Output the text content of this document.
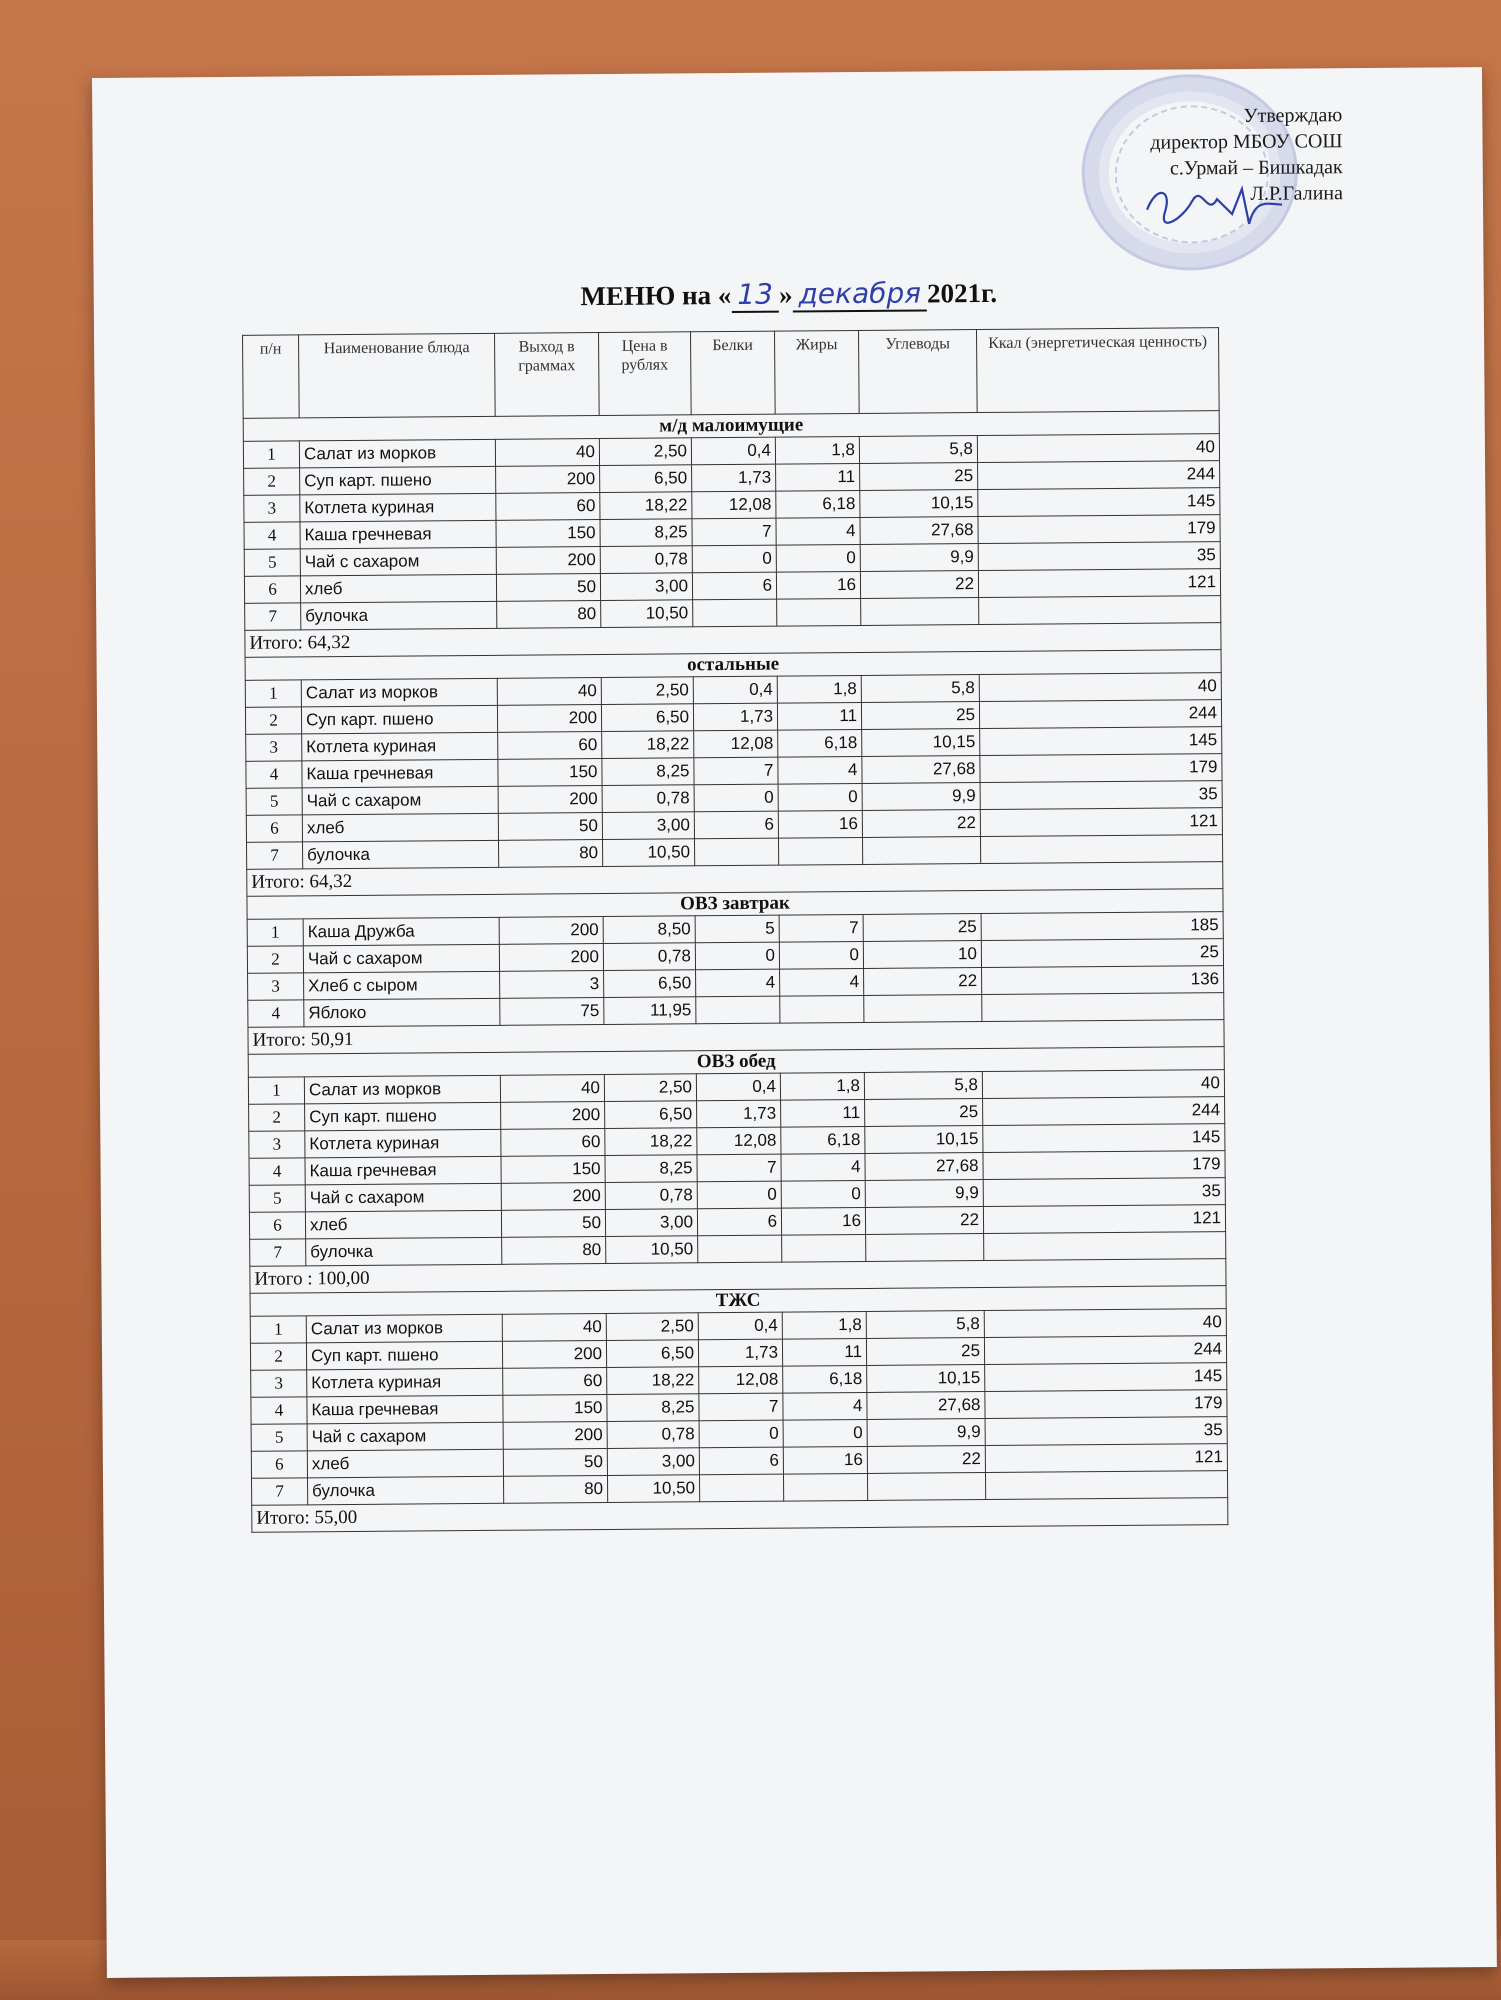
Утверждаю
директор МБОУ СОШ
с.Урмай – Бишкадак
Л.Р.Галина
МЕНЮ на « 13 » декабря 2021г.
п/н	Наименование блюда	Выход в граммах	Цена в рублях	Белки	Жиры	Углеводы	Ккал (энергетическая ценность)
м/д малоимущие							
1	Салат из морков	40	2,50	0,4	1,8	5,8	40
2	Суп карт. пшено	200	6,50	1,73	11	25	244
3	Котлета куриная	60	18,22	12,08	6,18	10,15	145
4	Каша гречневая	150	8,25	7	4	27,68	179
5	Чай с сахаром	200	0,78	0	0	9,9	35
6	хлеб	50	3,00	6	16	22	121
7	булочка	80	10,50				
Итого: 64,32							
остальные							
1	Салат из морков	40	2,50	0,4	1,8	5,8	40
2	Суп карт. пшено	200	6,50	1,73	11	25	244
3	Котлета куриная	60	18,22	12,08	6,18	10,15	145
4	Каша гречневая	150	8,25	7	4	27,68	179
5	Чай с сахаром	200	0,78	0	0	9,9	35
6	хлеб	50	3,00	6	16	22	121
7	булочка	80	10,50				
Итого: 64,32							
ОВЗ завтрак							
1	Каша Дружба	200	8,50	5	7	25	185
2	Чай с сахаром	200	0,78	0	0	10	25
3	Хлеб с сыром	3	6,50	4	4	22	136
4	Яблоко	75	11,95				
Итого: 50,91							
ОВЗ обед							
1	Салат из морков	40	2,50	0,4	1,8	5,8	40
2	Суп карт. пшено	200	6,50	1,73	11	25	244
3	Котлета куриная	60	18,22	12,08	6,18	10,15	145
4	Каша гречневая	150	8,25	7	4	27,68	179
5	Чай с сахаром	200	0,78	0	0	9,9	35
6	хлеб	50	3,00	6	16	22	121
7	булочка	80	10,50				
Итого : 100,00							
ТЖС							
1	Салат из морков	40	2,50	0,4	1,8	5,8	40
2	Суп карт. пшено	200	6,50	1,73	11	25	244
3	Котлета куриная	60	18,22	12,08	6,18	10,15	145
4	Каша гречневая	150	8,25	7	4	27,68	179
5	Чай с сахаром	200	0,78	0	0	9,9	35
6	хлеб	50	3,00	6	16	22	121
7	булочка	80	10,50				
Итого: 55,00							
